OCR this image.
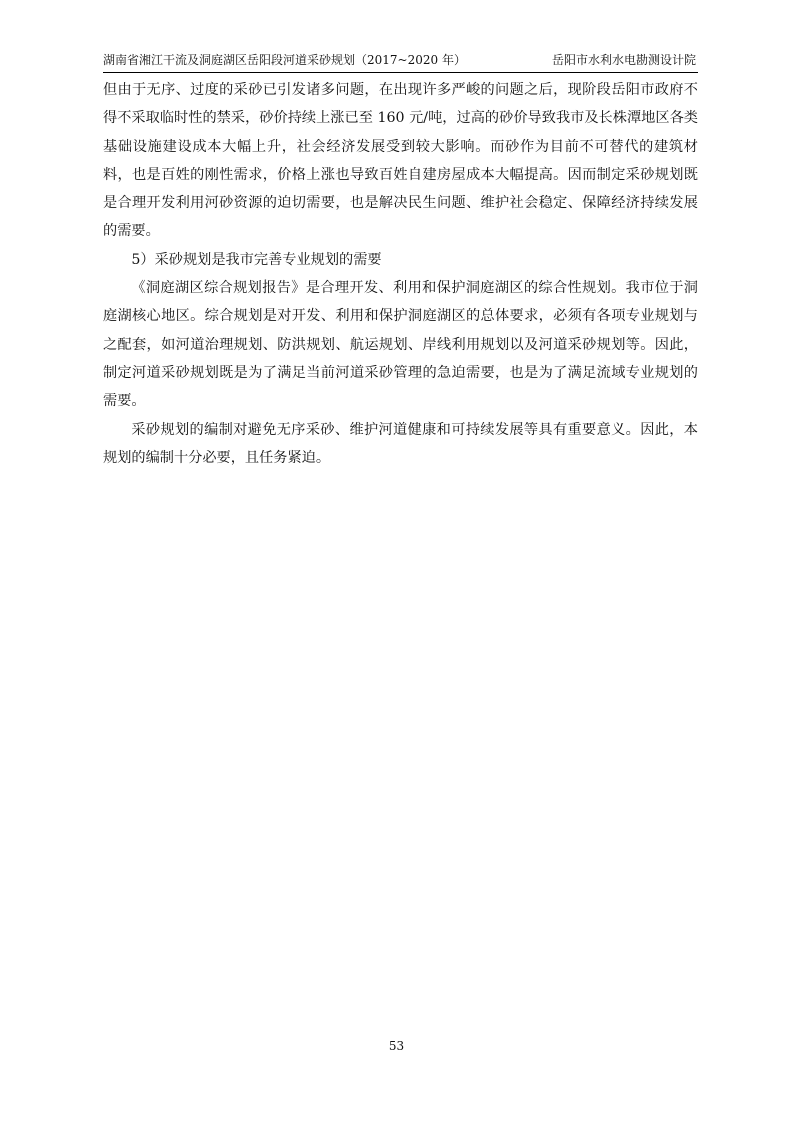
湖南省湘江干流及洞庭湖区岳阳段河道采砂规划（2017~2020 年）	岳阳市水利水电勘测设计院

但由于无序、过度的采砂已引发诸多问题，在出现许多严峻的问题之后，现阶段岳阳市政府不得不采取临时性的禁采，砂价持续上涨已至 160 元/吨，过高的砂价导致我市及长株潭地区各类基础设施建设成本大幅上升，社会经济发展受到较大影响。而砂作为目前不可替代的建筑材料，也是百姓的刚性需求，价格上涨也导致百姓自建房屋成本大幅提高。因而制定采砂规划既是合理开发利用河砂资源的迫切需要，也是解决民生问题、维护社会稳定、保障经济持续发展的需要。

5）采砂规划是我市完善专业规划的需要

《洞庭湖区综合规划报告》是合理开发、利用和保护洞庭湖区的综合性规划。我市位于洞庭湖核心地区。综合规划是对开发、利用和保护洞庭湖区的总体要求，必须有各项专业规划与之配套，如河道治理规划、防洪规划、航运规划、岸线利用规划以及河道采砂规划等。因此，制定河道采砂规划既是为了满足当前河道采砂管理的急迫需要，也是为了满足流域专业规划的需要。

采砂规划的编制对避免无序采砂、维护河道健康和可持续发展等具有重要意义。因此，本规划的编制十分必要，且任务紧迫。

53
